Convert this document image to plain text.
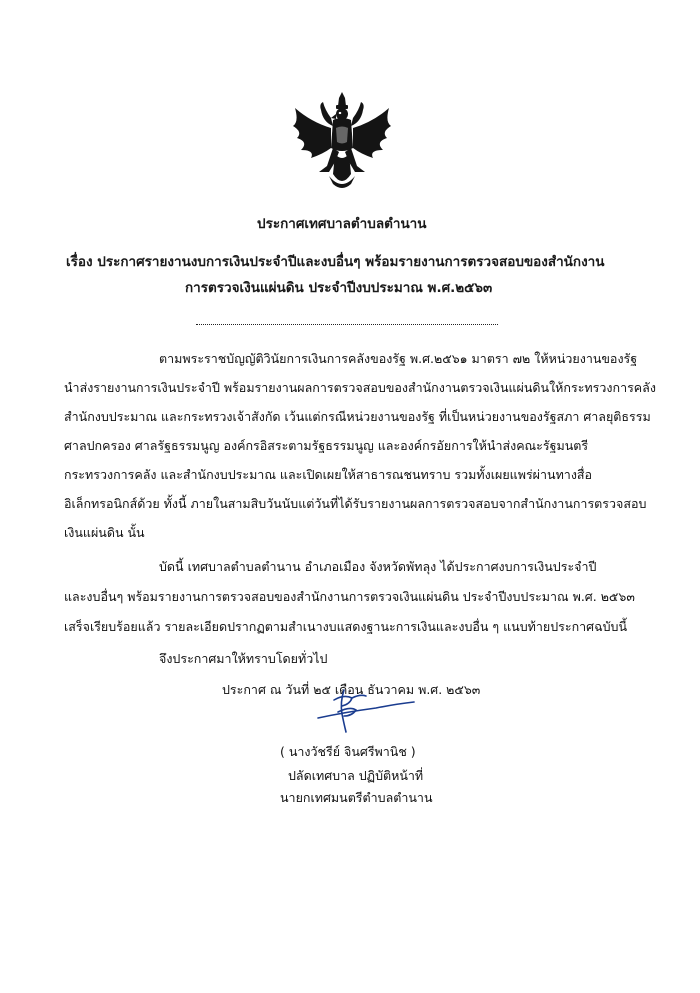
ประกาศเทศบาลตำบลตำนาน
เรื่อง ประกาศรายงานงบการเงินประจำปีและงบอื่นๆ พร้อมรายงานการตรวจสอบของสำนักงาน
การตรวจเงินแผ่นดิน ประจำปีงบประมาณ พ.ศ.๒๕๖๓
ตามพระราชบัญญัติวินัยการเงินการคลังของรัฐ พ.ศ.๒๕๖๑ มาตรา ๗๒ ให้หน่วยงานของรัฐ
นำส่งรายงานการเงินประจำปี พร้อมรายงานผลการตรวจสอบของสำนักงานตรวจเงินแผ่นดินให้กระทรวงการคลัง
สำนักงบประมาณ และกระทรวงเจ้าสังกัด เว้นแต่กรณีหน่วยงานของรัฐ ที่เป็นหน่วยงานของรัฐสภา ศาลยุติธรรม
ศาลปกครอง ศาลรัฐธรรมนูญ องค์กรอิสระตามรัฐธรรมนูญ และองค์กรอัยการให้นำส่งคณะรัฐมนตรี
กระทรวงการคลัง และสำนักงบประมาณ และเปิดเผยให้สาธารณชนทราบ รวมทั้งเผยแพร่ผ่านทางสื่อ
อิเล็กทรอนิกส์ด้วย ทั้งนี้ ภายในสามสิบวันนับแต่วันที่ได้รับรายงานผลการตรวจสอบจากสำนักงานการตรวจสอบ
เงินแผ่นดิน นั้น
บัดนี้ เทศบาลตำบลตำนาน อำเภอเมือง จังหวัดพัทลุง ได้ประกาศงบการเงินประจำปี
และงบอื่นๆ พร้อมรายงานการตรวจสอบของสำนักงานการตรวจเงินแผ่นดิน ประจำปีงบประมาณ พ.ศ. ๒๕๖๓
เสร็จเรียบร้อยแล้ว รายละเอียดปรากฏตามสำเนางบแสดงฐานะการเงินและงบอื่น ๆ แนบท้ายประกาศฉบับนี้
จึงประกาศมาให้ทราบโดยทั่วไป
ประกาศ ณ วันที่ ๒๕ เดือน ธันวาคม พ.ศ. ๒๕๖๓
( นางวัชรีย์ จินศรีพานิช )
ปลัดเทศบาล ปฏิบัติหน้าที่
นายกเทศมนตรีตำบลตำนาน
